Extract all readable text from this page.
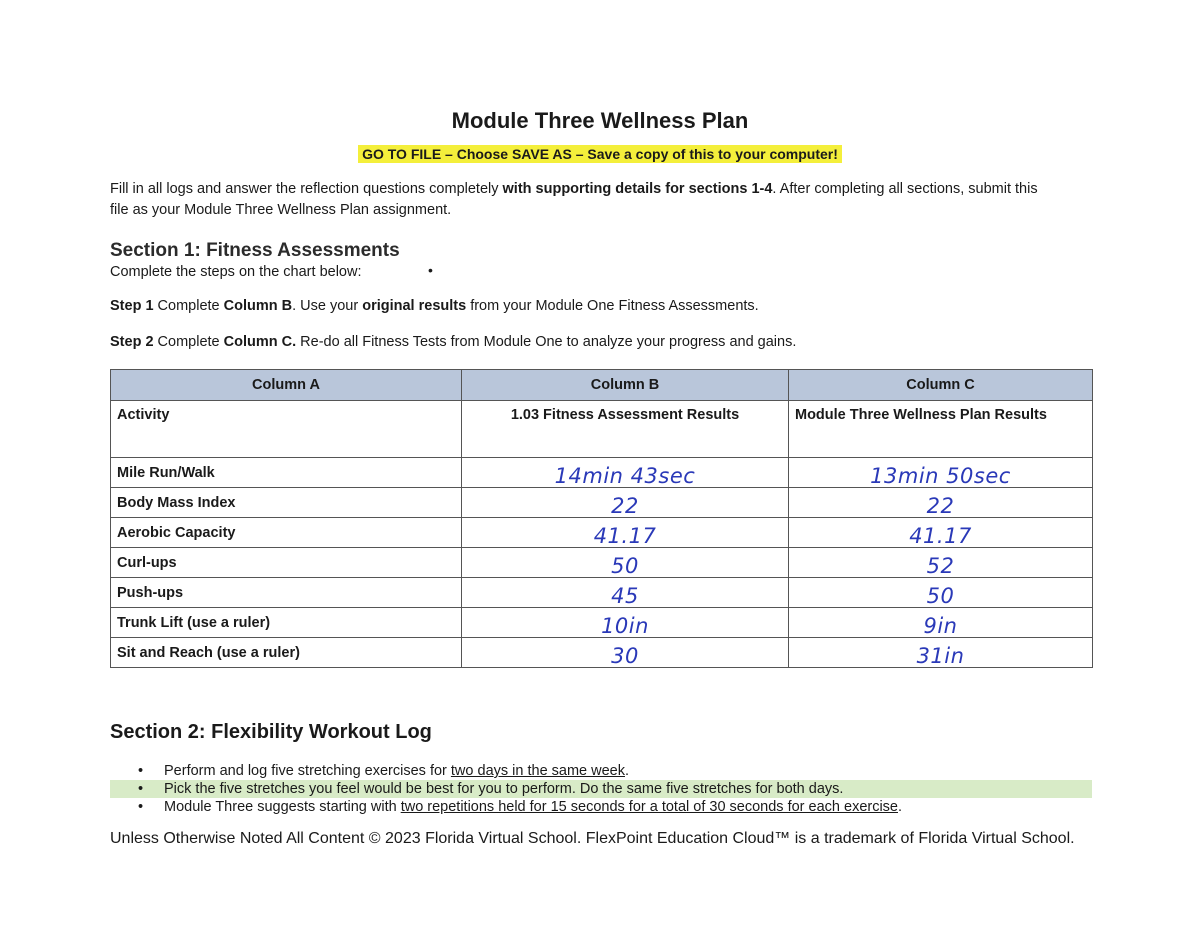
Module Three Wellness Plan
GO TO FILE – Choose SAVE AS – Save a copy of this to your computer!
Fill in all logs and answer the reflection questions completely with supporting details for sections 1-4. After completing all sections, submit this file as your Module Three Wellness Plan assignment.
Section 1: Fitness Assessments
Complete the steps on the chart below:	•
Step 1 Complete Column B. Use your original results from your Module One Fitness Assessments.
Step 2 Complete Column C. Re-do all Fitness Tests from Module One to analyze your progress and gains.
Column A	Column B	Column C
Activity	1.03 Fitness Assessment Results	Module Three Wellness Plan Results
Mile Run/Walk	14min 43sec	13min 50sec
Body Mass Index	22	22
Aerobic Capacity	41.17	41.17
Curl-ups	50	52
Push-ups	45	50
Trunk Lift (use a ruler)	10in	9in
Sit and Reach (use a ruler)	30	31in
Section 2: Flexibility Workout Log
• Perform and log five stretching exercises for two days in the same week.
• Pick the five stretches you feel would be best for you to perform. Do the same five stretches for both days.
• Module Three suggests starting with two repetitions held for 15 seconds for a total of 30 seconds for each exercise.
Unless Otherwise Noted All Content © 2023 Florida Virtual School. FlexPoint Education Cloud™ is a trademark of Florida Virtual School.
